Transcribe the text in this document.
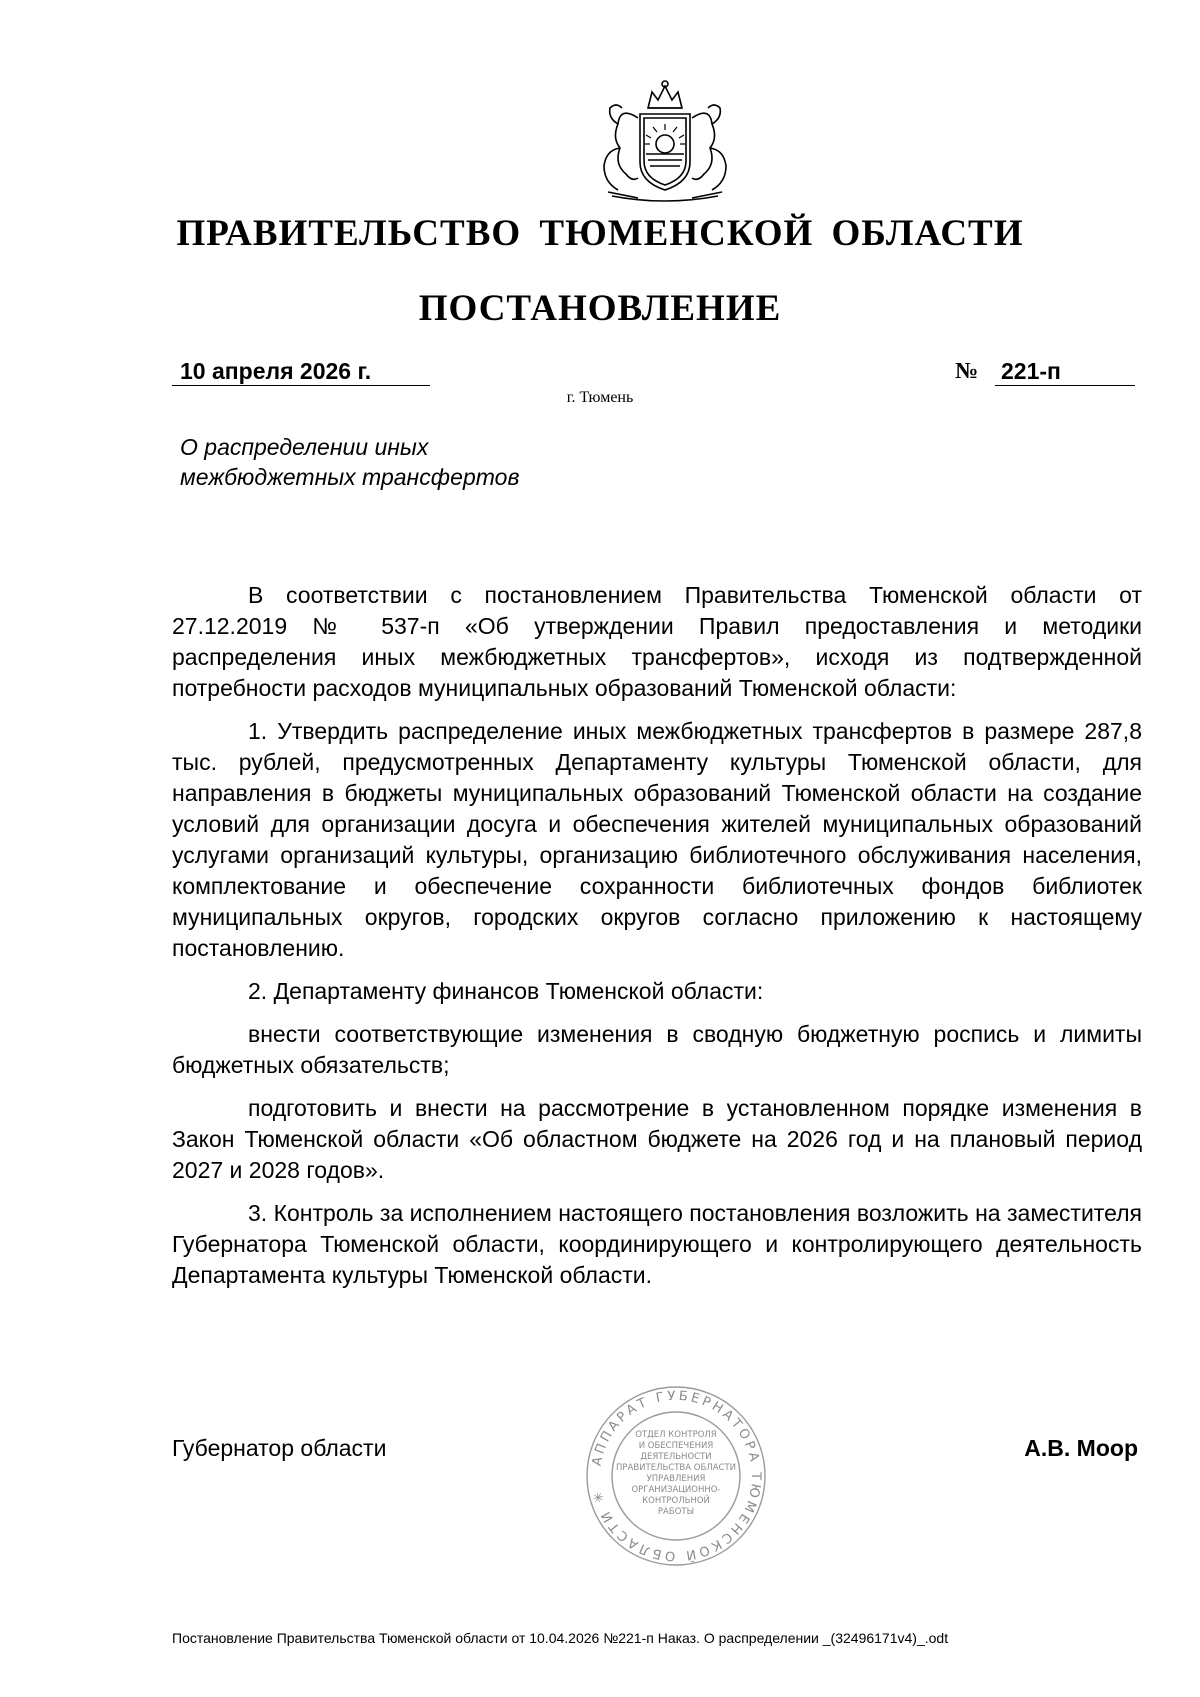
ПРАВИТЕЛЬСТВО ТЮМЕНСКОЙ ОБЛАСТИ
ПОСТАНОВЛЕНИЕ
10 апреля 2026 г.	№ 221-п
г. Тюмень
О распределении иных
межбюджетных трансфертов

В соответствии с постановлением Правительства Тюменской области от 27.12.2019 № 537-п «Об утверждении Правил предоставления и методики распределения иных межбюджетных трансфертов», исходя из подтвержденной потребности расходов муниципальных образований Тюменской области:

1. Утвердить распределение иных межбюджетных трансфертов в размере 287,8 тыс. рублей, предусмотренных Департаменту культуры Тюменской области, для направления в бюджеты муниципальных образований Тюменской области на создание условий для организации досуга и обеспечения жителей муниципальных образований услугами организаций культуры, организацию библиотечного обслуживания населения, комплектование и обеспечение сохранности библиотечных фондов библиотек муниципальных округов, городских округов согласно приложению к настоящему постановлению.

2. Департаменту финансов Тюменской области:

внести соответствующие изменения в сводную бюджетную роспись и лимиты бюджетных обязательств;

подготовить и внести на рассмотрение в установленном порядке изменения в Закон Тюменской области «Об областном бюджете на 2026 год и на плановый период 2027 и 2028 годов».

3. Контроль за исполнением настоящего постановления возложить на заместителя Губернатора Тюменской области, координирующего и контролирующего деятельность Департамента культуры Тюменской области.

Губернатор области	А.В. Моор
АППАРАТ ГУБЕРНАТОРА ТЮМЕНСКОЙ ОБЛАСТИ ✳
ОТДЕЛ КОНТРОЛЯ
И ОБЕСПЕЧЕНИЯ
ДЕЯТЕЛЬНОСТИ
ПРАВИТЕЛЬСТВА ОБЛАСТИ
УПРАВЛЕНИЯ
ОРГАНИЗАЦИОННО-
КОНТРОЛЬНОЙ
РАБОТЫ
Постановление Правительства Тюменской области от 10.04.2026 №221-п Наказ. О распределении _(32496171v4)_.odt
